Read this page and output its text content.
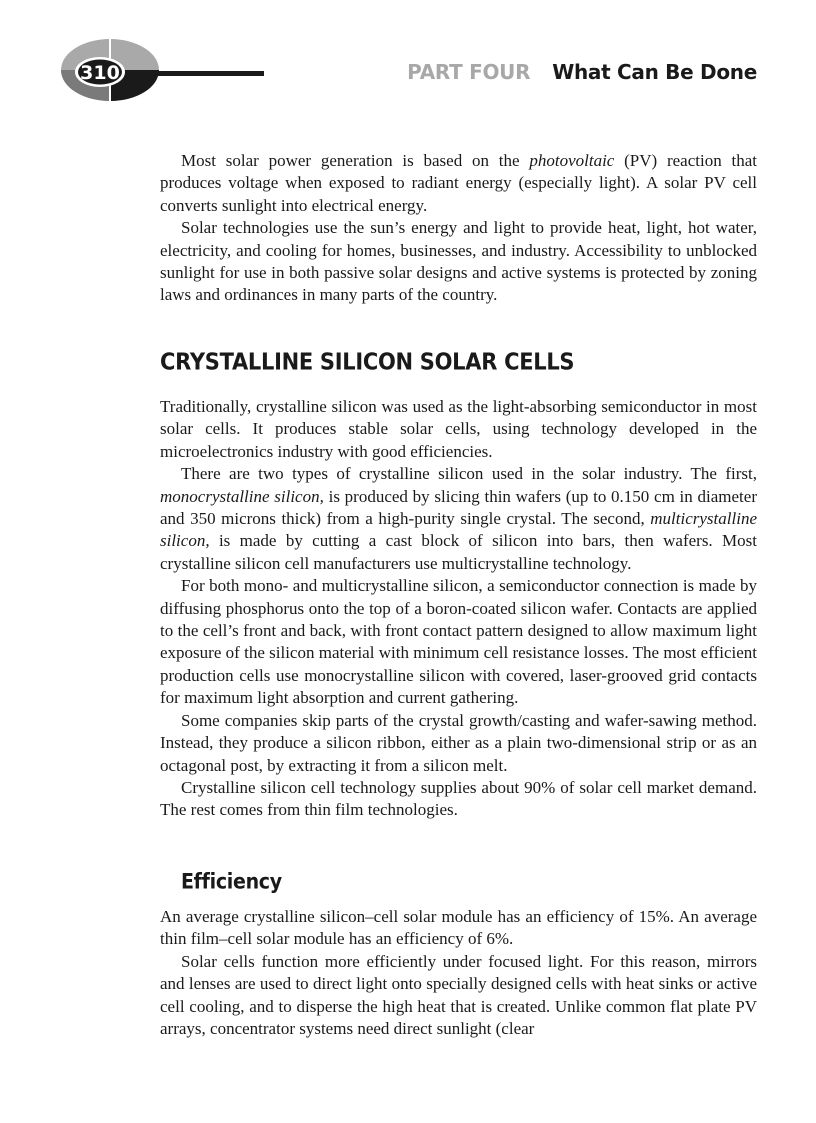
310	PART FOUR What Can Be Done

Most solar power generation is based on the photovoltaic (PV) reaction that produces voltage when exposed to radiant energy (especially light). A solar PV cell converts sunlight into electrical energy.

Solar technologies use the sun’s energy and light to provide heat, light, hot water, electricity, and cooling for homes, businesses, and industry. Accessibility to unblocked sunlight for use in both passive solar designs and active systems is protected by zoning laws and ordinances in many parts of the country.

CRYSTALLINE SILICON SOLAR CELLS

Traditionally, crystalline silicon was used as the light-absorbing semiconductor in most solar cells. It produces stable solar cells, using technology developed in the microelectronics industry with good efficiencies.

There are two types of crystalline silicon used in the solar industry. The first, monocrystalline silicon, is produced by slicing thin wafers (up to 0.150 cm in diameter and 350 microns thick) from a high-purity single crystal. The second, multicrystalline silicon, is made by cutting a cast block of silicon into bars, then wafers. Most crystalline silicon cell manufacturers use multicrystalline technology.

For both mono- and multicrystalline silicon, a semiconductor connection is made by diffusing phosphorus onto the top of a boron-coated silicon wafer. Contacts are applied to the cell’s front and back, with front contact pattern designed to allow maximum light exposure of the silicon material with minimum cell resistance losses. The most efficient production cells use monocrystalline silicon with covered, laser-grooved grid contacts for maximum light absorption and current gathering.

Some companies skip parts of the crystal growth/casting and wafer-sawing method. Instead, they produce a silicon ribbon, either as a plain two-dimensional strip or as an octagonal post, by extracting it from a silicon melt.

Crystalline silicon cell technology supplies about 90% of solar cell market demand. The rest comes from thin film technologies.

Efficiency

An average crystalline silicon–cell solar module has an efficiency of 15%. An average thin film–cell solar module has an efficiency of 6%.

Solar cells function more efficiently under focused light. For this reason, mirrors and lenses are used to direct light onto specially designed cells with heat sinks or active cell cooling, and to disperse the high heat that is created. Unlike common flat plate PV arrays, concentrator systems need direct sunlight (clear
